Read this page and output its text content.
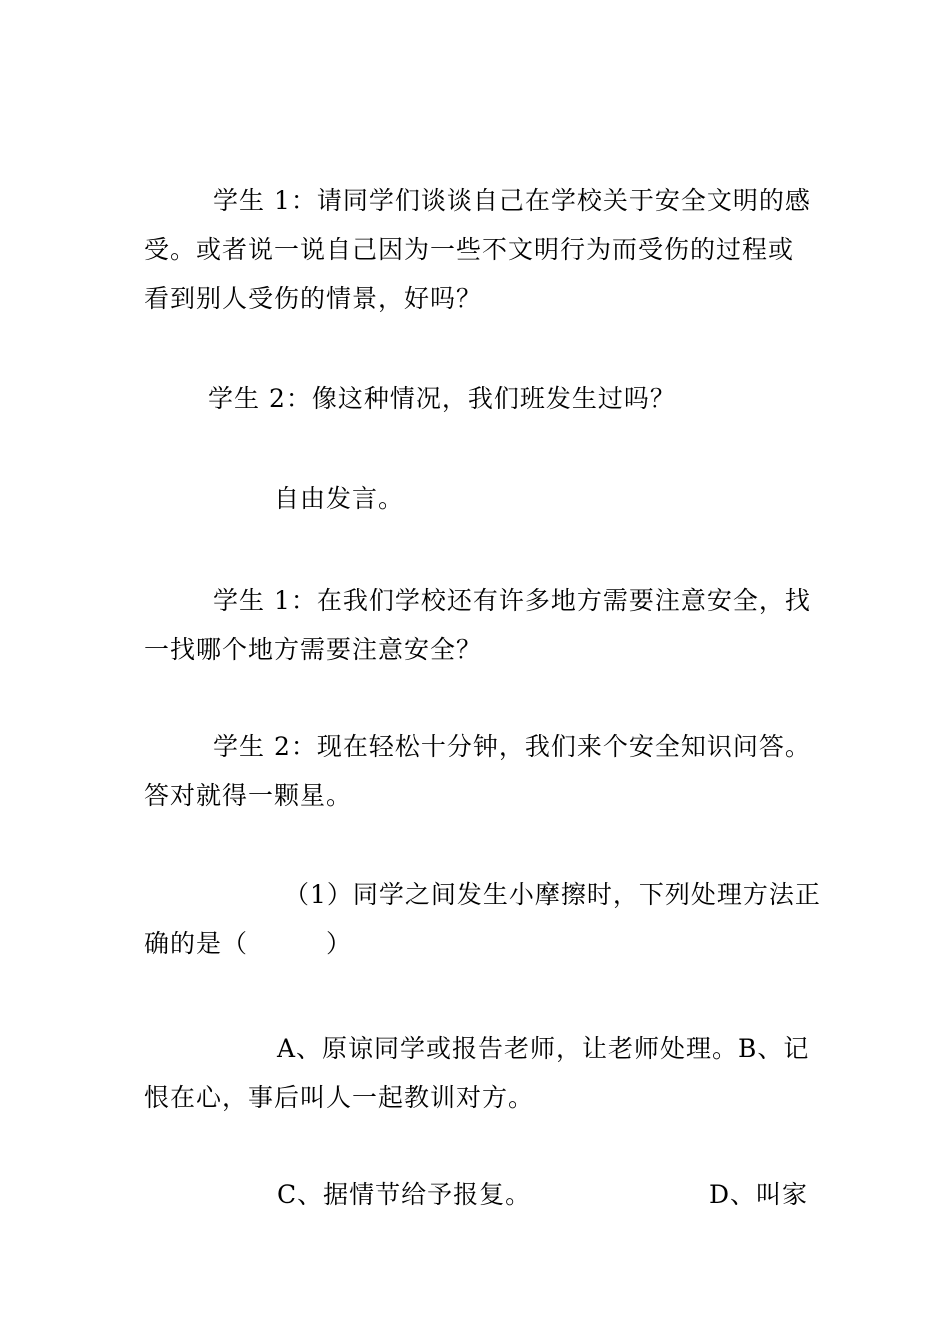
学生 1：请同学们谈谈自己在学校关于安全文明的感
受。或者说一说自己因为一些不文明行为而受伤的过程或
看到别人受伤的情景，好吗？

学生 2：像这种情况，我们班发生过吗？

自由发言。

学生 1：在我们学校还有许多地方需要注意安全，找
一找哪个地方需要注意安全？

学生 2：现在轻松十分钟，我们来个安全知识问答。
答对就得一颗星。

（1）同学之间发生小摩擦时，下列处理方法正
确的是（　　　）

A、原谅同学或报告老师，让老师处理。B、记
恨在心，事后叫人一起教训对方。

C、据情节给予报复。	D、叫家
